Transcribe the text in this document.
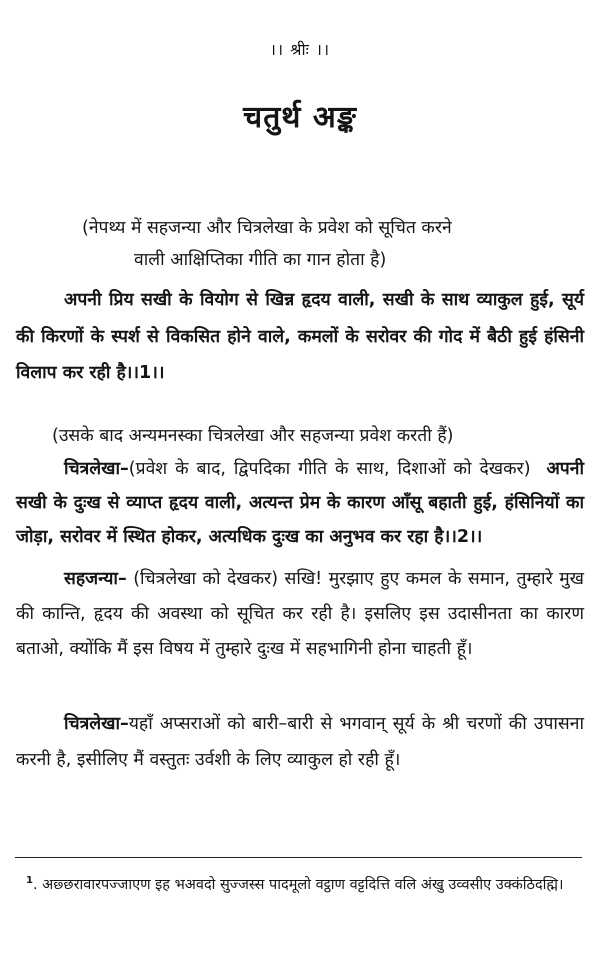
।। श्रीः ।।
चतुर्थ अङ्क
(नेपथ्य में सहजन्या और चित्रलेखा के प्रवेश को सूचित करने
वाली आक्षिप्तिका गीति का गान होता है)
अपनी प्रिय सखी के वियोग से खिन्न हृदय वाली, सखी के साथ व्याकुल हुई, सूर्य की किरणों के स्पर्श से विकसित होने वाले, कमलों के सरोवर की गोद में बैठी हुई हंसिनी विलाप कर रही है।।1।।
(उसके बाद अन्यमनस्का चित्रलेखा और सहजन्या प्रवेश करती हैं)
चित्रलेखा–(प्रवेश के बाद, द्विपदिका गीति के साथ, दिशाओं को देखकर) अपनी सखी के दुःख से व्याप्त हृदय वाली, अत्यन्त प्रेम के कारण आँसू बहाती हुई, हंसिनियों का जोड़ा, सरोवर में स्थित होकर, अत्यधिक दुःख का अनुभव कर रहा है।।2।।
सहजन्या– (चित्रलेखा को देखकर) सखि! मुरझाए हुए कमल के समान, तुम्हारे मुख की कान्ति, हृदय की अवस्था को सूचित कर रही है। इसलिए इस उदासीनता का कारण बताओ, क्योंकि मैं इस विषय में तुम्हारे दुःख में सहभागिनी होना चाहती हूँ।
चित्रलेखा–यहाँ अप्सराओं को बारी–बारी से भगवान् सूर्य के श्री चरणों की उपासना करनी है, इसीलिए मैं वस्तुतः उर्वशी के लिए व्याकुल हो रही हूँ।
$^1$. अछ्छरावारपज्जाएण इह भअवदो सुज्जस्स पादमूलो वट्ठाण वट्टदित्ति वलि अंखु उव्वसीए उक्कंठिदह्मि।
